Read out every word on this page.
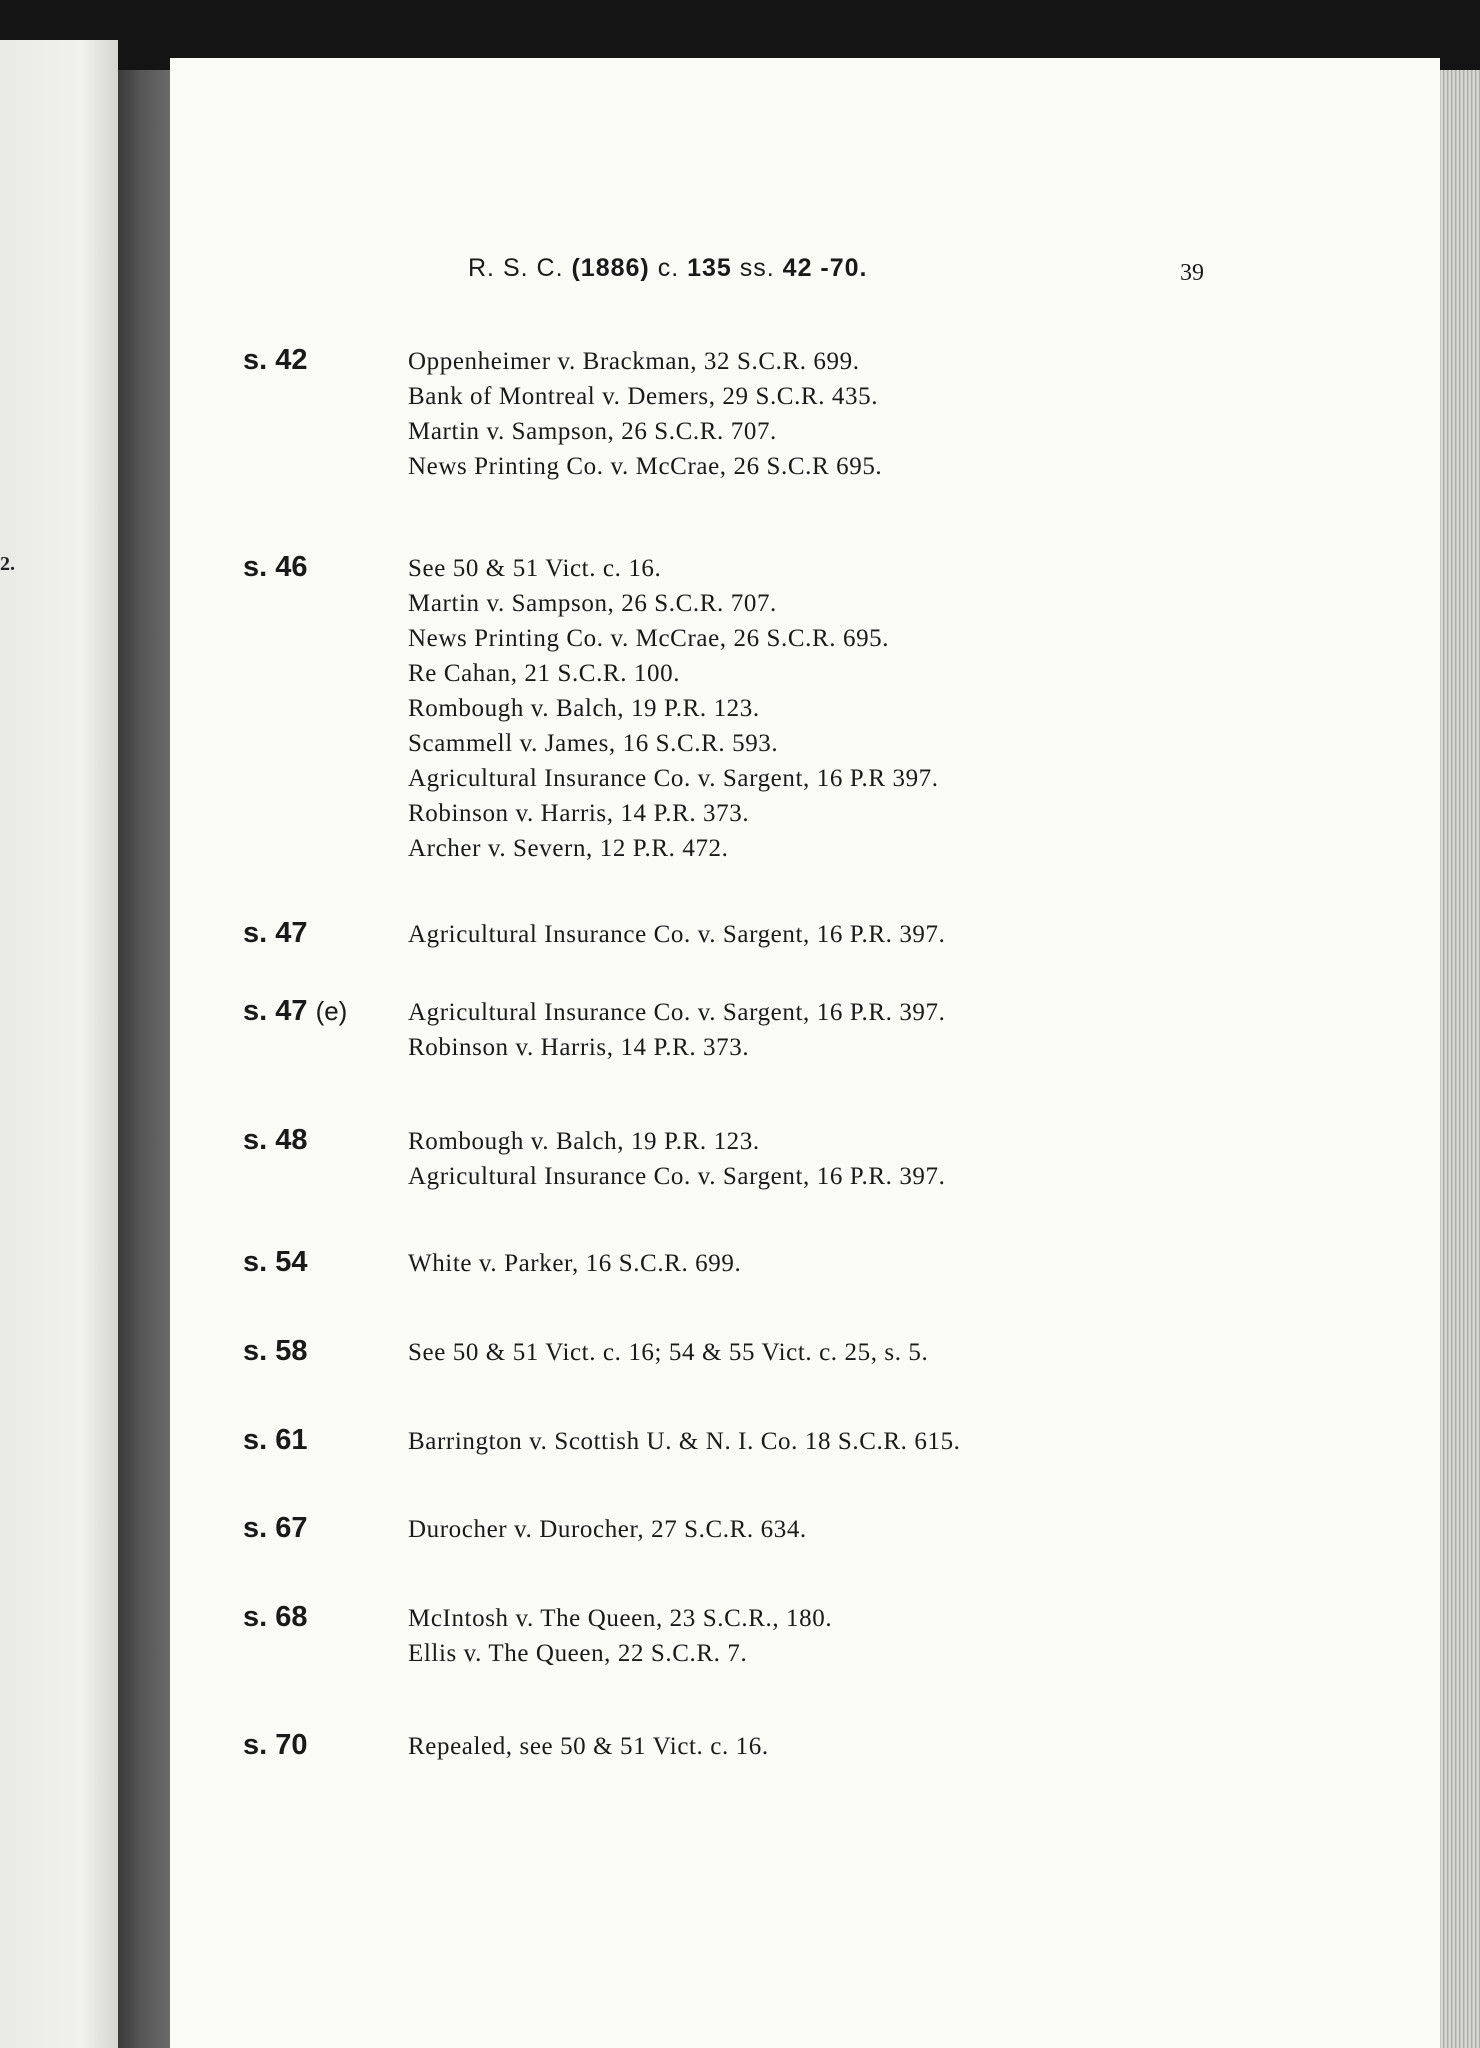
2.
R. S. C. (1886) c. 135 ss. 42 -70.	39
s. 42	Oppenheimer v. Brackman, 32 S.C.R. 699.
Bank of Montreal v. Demers, 29 S.C.R. 435.
Martin v. Sampson, 26 S.C.R. 707.
News Printing Co. v. McCrae, 26 S.C.R 695.
s. 46	See 50 & 51 Vict. c. 16.
Martin v. Sampson, 26 S.C.R. 707.
News Printing Co. v. McCrae, 26 S.C.R. 695.
Re Cahan, 21 S.C.R. 100.
Rombough v. Balch, 19 P.R. 123.
Scammell v. James, 16 S.C.R. 593.
Agricultural Insurance Co. v. Sargent, 16 P.R 397.
Robinson v. Harris, 14 P.R. 373.
Archer v. Severn, 12 P.R. 472.
s. 47	Agricultural Insurance Co. v. Sargent, 16 P.R. 397.
s. 47 (e) Agricultural Insurance Co. v. Sargent, 16 P.R. 397.
Robinson v. Harris, 14 P.R. 373.
s. 48	Rombough v. Balch, 19 P.R. 123.
Agricultural Insurance Co. v. Sargent, 16 P.R. 397.
s. 54	White v. Parker, 16 S.C.R. 699.
s. 58	See 50 & 51 Vict. c. 16; 54 & 55 Vict. c. 25, s. 5.
s. 61	Barrington v. Scottish U. & N. I. Co. 18 S.C.R. 615.
s. 67	Durocher v. Durocher, 27 S.C.R. 634.
s. 68	McIntosh v. The Queen, 23 S.C.R., 180.
Ellis v. The Queen, 22 S.C.R. 7.
s. 70	Repealed, see 50 & 51 Vict. c. 16.
